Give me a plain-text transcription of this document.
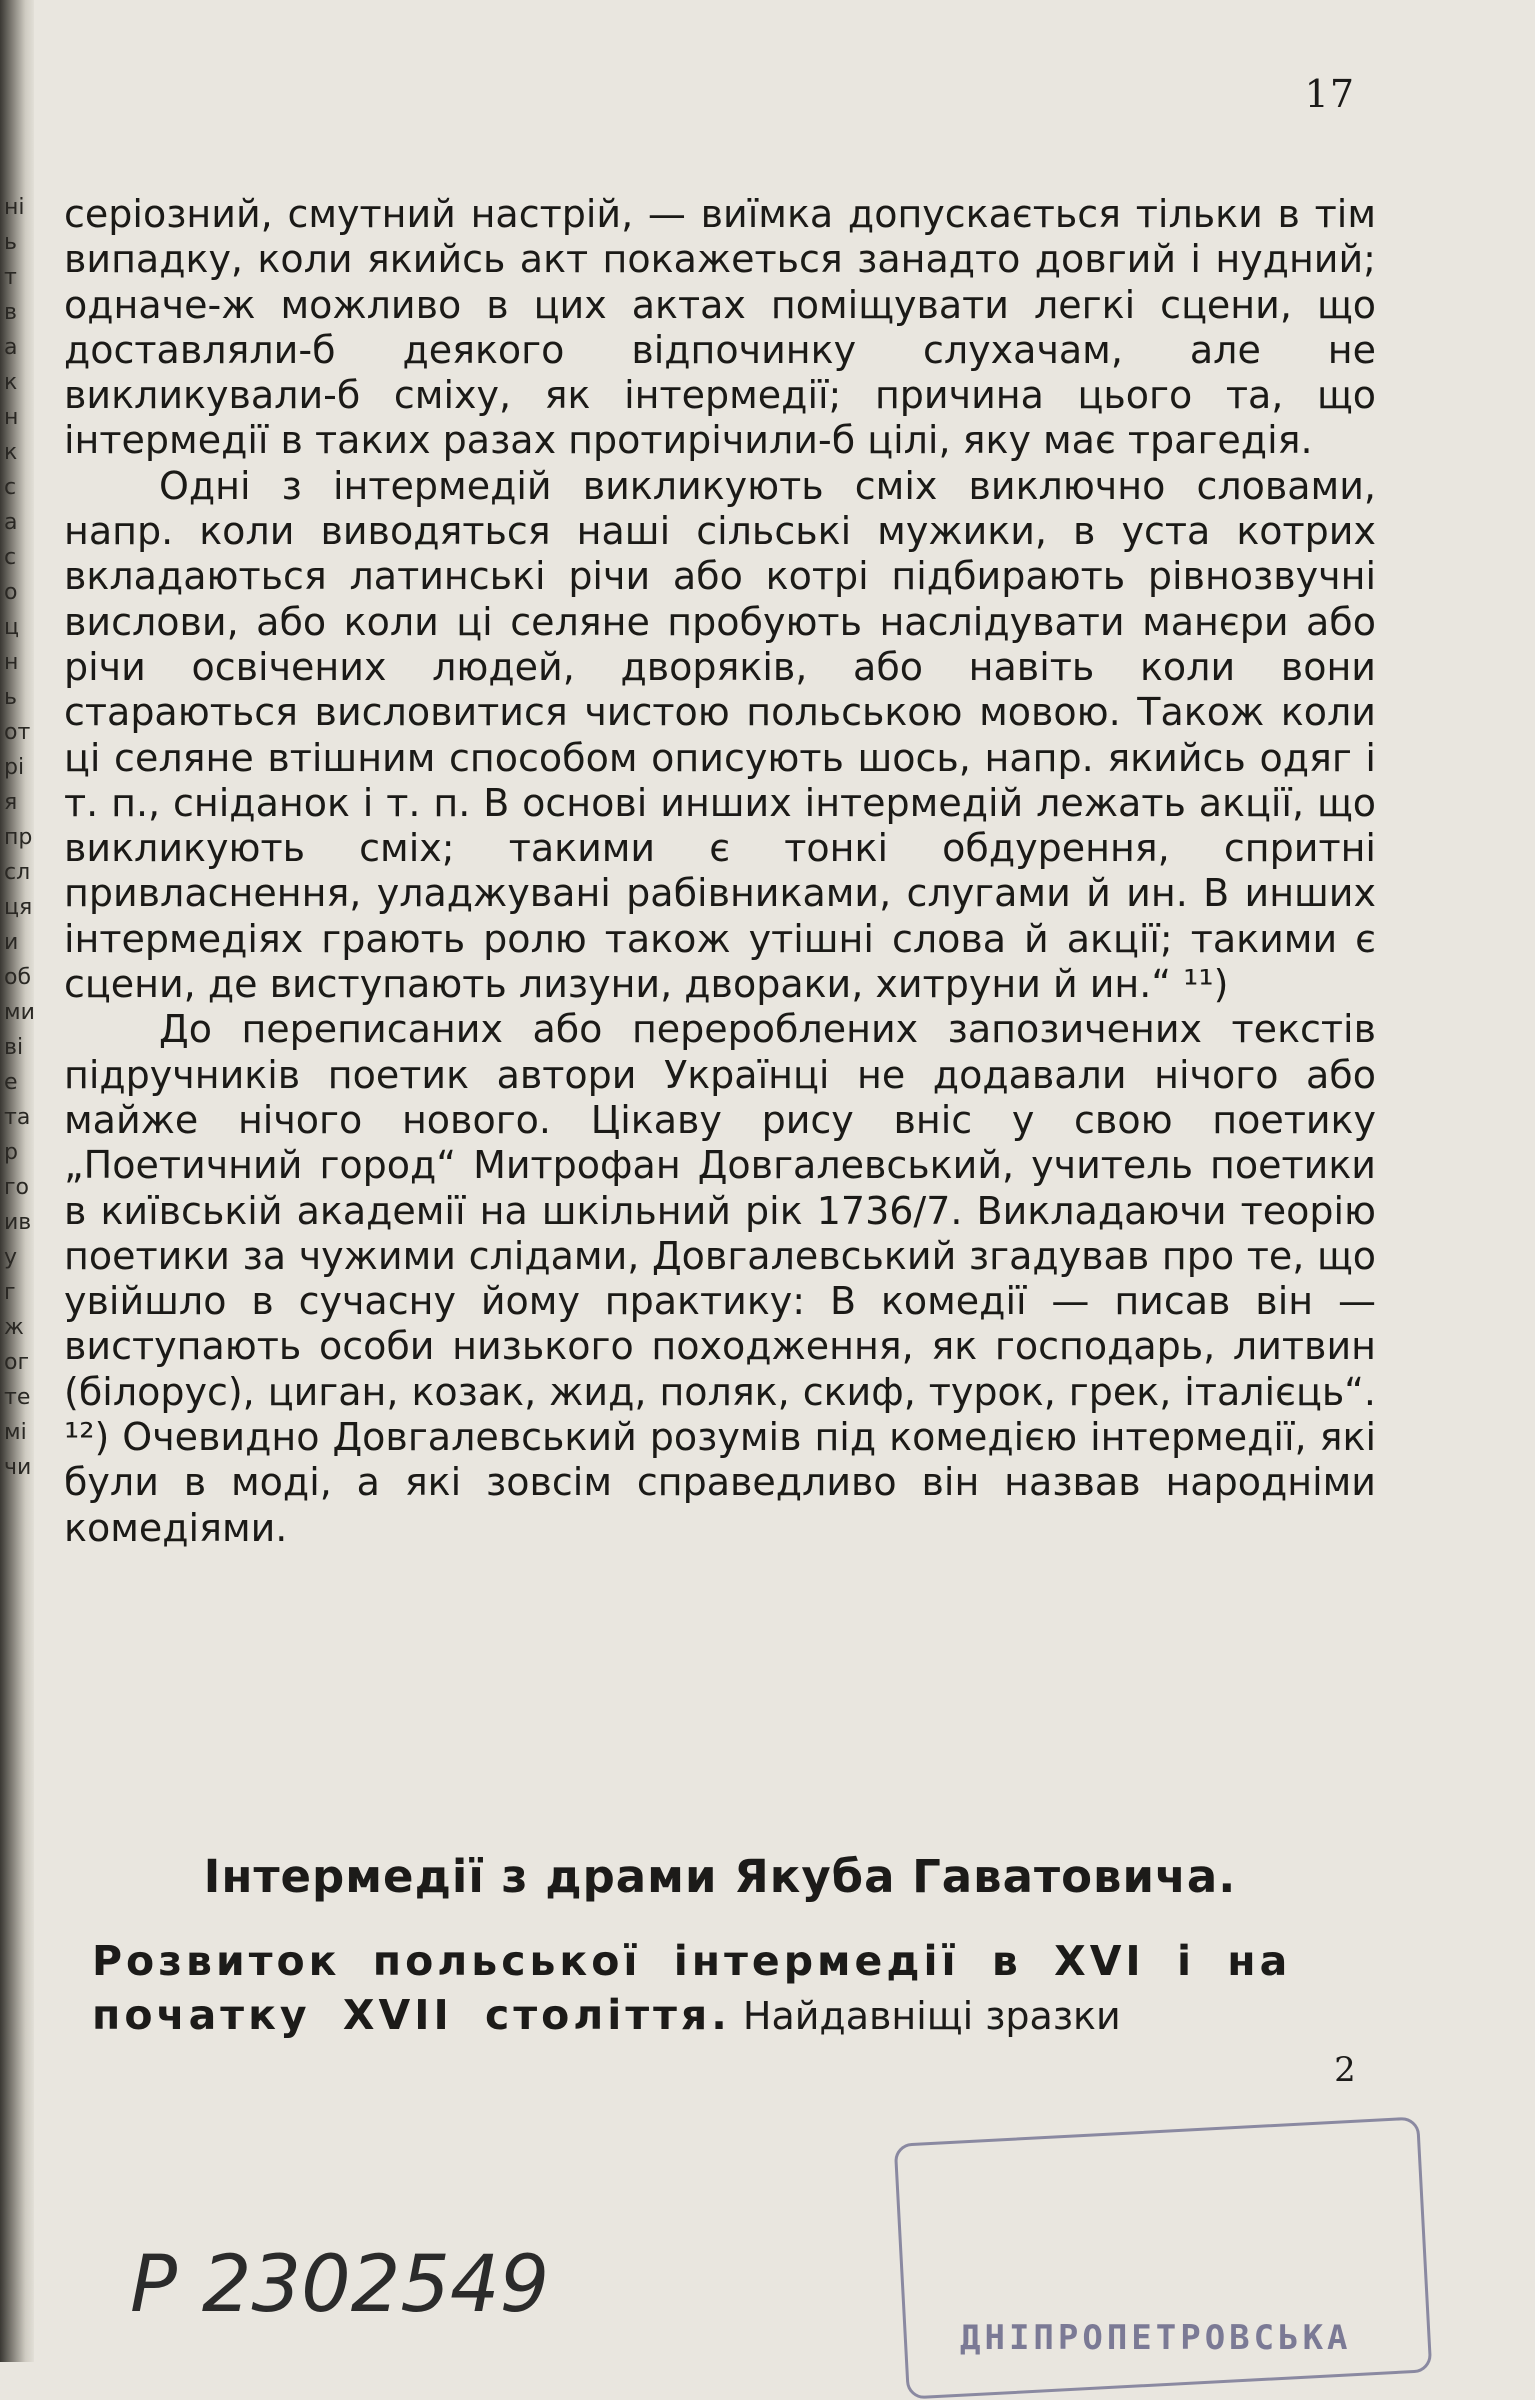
ні
ь
т
в
а
к
н
к
с
а
с
о
ц
н
ь
от
рі
я
пр
сл
ця
и
об
ми
ві
е
та
р
го
ив
у
г
ж
ог
те
мі
чи
17

серіозний, смутний настрій, — виїмка допускається тільки в тім випадку, коли якийсь акт покажеться занадто довгий і нудний; одначе-ж можливо в цих актах поміщувати легкі сцени, що доставляли-б деякого відпочинку слухачам, але не викликували-б сміху, як інтермедії; причина цього та, що інтермедії в таких разах протирічили-б цілі, яку має трагедія.

Одні з інтермедій викликують сміх виключно словами, напр. коли виводяться наші сільські мужики, в уста котрих вкладаються латинські річи або котрі підбирають рівнозвучні вислови, або коли ці селяне пробують наслідувати манєри або річи освічених людей, дворяків, або навіть коли вони стараються висловитися чистою польською мовою. Також коли ці селяне втішним способом описують шось, напр. якийсь одяг і т. п., сніданок і т. п. В основі инших інтермедій лежать акції, що викликують сміх; такими є тонкі обдурення, спритні привласнення, уладжувані рабівниками, слугами й ин. В инших інтермедіях грають ролю також утішні слова й акції; такими є сцени, де виступають лизуни, двораки, хитруни й ин.“ ¹¹)

До переписаних або перероблених запозичених текстів підручників поетик автори Українці не додавали нічого або майже нічого нового. Цікаву рису вніс у свою поетику „Поетичний город“ Митрофан Довгалевський, учитель поетики в київській академії на шкільний рік 1736/7. Викладаючи теорію поетики за чужими слідами, Довгалевський згадував про те, що увійшло в сучасну йому практику: В комедії — писав він — виступають особи низького походження, як господарь, литвин (білорус), циган, козак, жид, поляк, скиф, турок, грек, італієць“. ¹²) Очевидно Довгалевський розумів під комедією інтермедії, які були в моді, а які зовсім справедливо він назвав народніми комедіями.

Інтермедії з драми Якуба Гаватовича.
Розвиток польської інтермедії в XVI і на початку XVII століття. Найдавніщі зразки
2
ДНІПРОПЕТРОВСЬКА
Р 2302549
